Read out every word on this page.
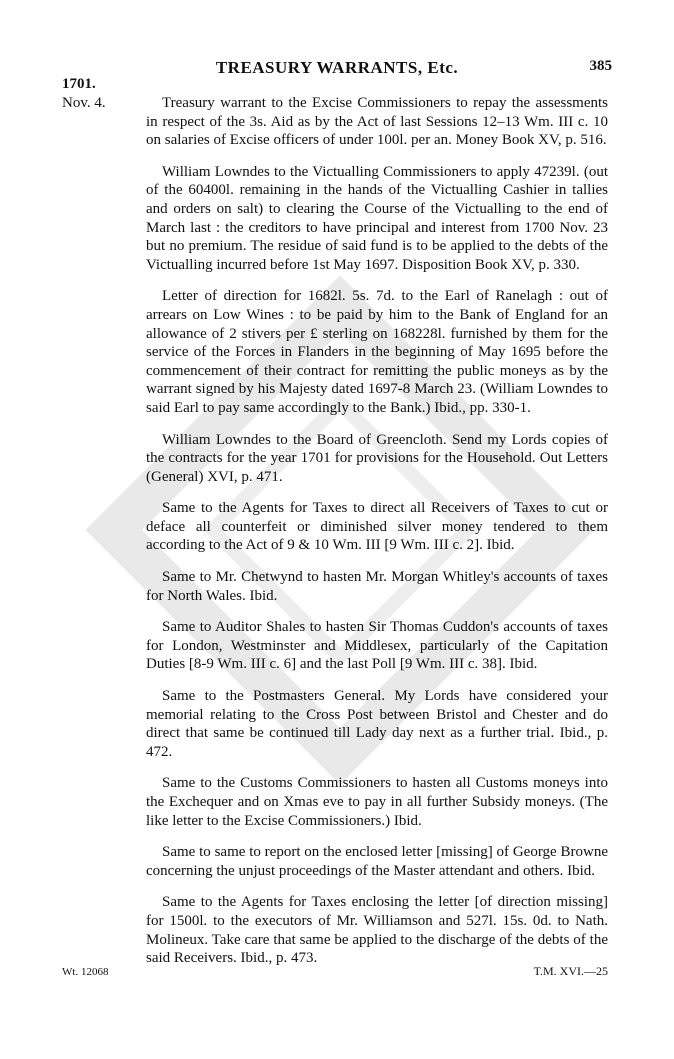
TREASURY WARRANTS, Etc.	385
1701.
Nov. 4.	Treasury warrant to the Excise Commissioners to repay the assessments in respect of the 3s. Aid as by the Act of last Sessions 12–13 Wm. III c. 10 on salaries of Excise officers of under 100l. per an. Money Book XV, p. 516.

William Lowndes to the Victualling Commissioners to apply 47239l. (out of the 60400l. remaining in the hands of the Victualling Cashier in tallies and orders on salt) to clearing the Course of the Victualling to the end of March last : the creditors to have principal and interest from 1700 Nov. 23 but no premium. The residue of said fund is to be applied to the debts of the Victualling incurred before 1st May 1697. Disposition Book XV, p. 330.

Letter of direction for 1682l. 5s. 7d. to the Earl of Ranelagh : out of arrears on Low Wines : to be paid by him to the Bank of England for an allowance of 2 stivers per £ sterling on 168228l. furnished by them for the service of the Forces in Flanders in the beginning of May 1695 before the commencement of their contract for remitting the public moneys as by the warrant signed by his Majesty dated 1697-8 March 23. (William Lowndes to said Earl to pay same accordingly to the Bank.) Ibid., pp. 330-1.

William Lowndes to the Board of Greencloth. Send my Lords copies of the contracts for the year 1701 for provisions for the Household. Out Letters (General) XVI, p. 471.

Same to the Agents for Taxes to direct all Receivers of Taxes to cut or deface all counterfeit or diminished silver money tendered to them according to the Act of 9 & 10 Wm. III [9 Wm. III c. 2]. Ibid.

Same to Mr. Chetwynd to hasten Mr. Morgan Whitley's accounts of taxes for North Wales. Ibid.

Same to Auditor Shales to hasten Sir Thomas Cuddon's accounts of taxes for London, Westminster and Middlesex, particularly of the Capitation Duties [8-9 Wm. III c. 6] and the last Poll [9 Wm. III c. 38]. Ibid.

Same to the Postmasters General. My Lords have considered your memorial relating to the Cross Post between Bristol and Chester and do direct that same be continued till Lady day next as a further trial. Ibid., p. 472.

Same to the Customs Commissioners to hasten all Customs moneys into the Exchequer and on Xmas eve to pay in all further Subsidy moneys. (The like letter to the Excise Commissioners.) Ibid.

Same to same to report on the enclosed letter [missing] of George Browne concerning the unjust proceedings of the Master attendant and others. Ibid.

Same to the Agents for Taxes enclosing the letter [of direction missing] for 1500l. to the executors of Mr. Williamson and 527l. 15s. 0d. to Nath. Molineux. Take care that same be applied to the discharge of the debts of the said Receivers. Ibid., p. 473.

Wt. 12068	T.M. XVI.—25
